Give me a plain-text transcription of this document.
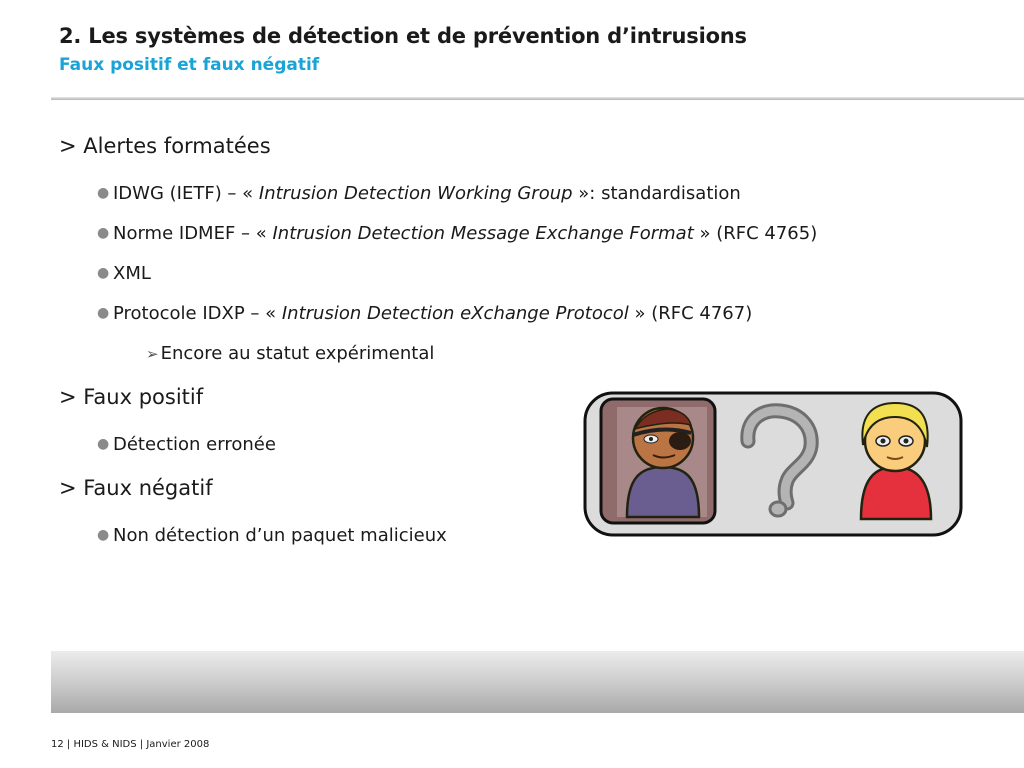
2. Les systèmes de détection et de prévention d’intrusions
Faux positif et faux négatif
> Alertes formatées
● IDWG (IETF) – « Intrusion Detection Working Group »: standardisation
● Norme IDMEF – « Intrusion Detection Message Exchange Format » (RFC 4765)
● XML
● Protocole IDXP – « Intrusion Detection eXchange Protocol » (RFC 4767)
➢ Encore au statut expérimental
> Faux positif
● Détection erronée
> Faux négatif
● Non détection d’un paquet malicieux
12 | HIDS & NIDS | Janvier 2008
